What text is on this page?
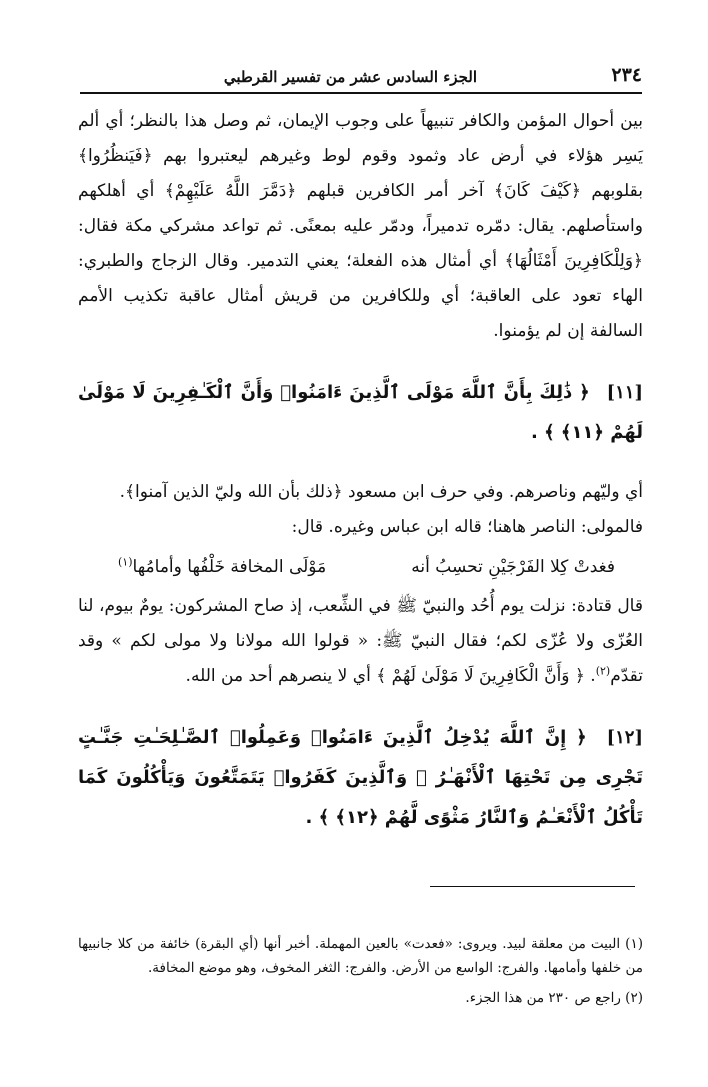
٢٣٤
الجزء السادس عشر من تفسير القرطبي

بين أحوال المؤمن والكافر تنبيهاً على وجوب الإيمان، ثم وصل هذا بالنظر؛ أي ألم يَسِر هؤلاء في أرض عاد وثمود وقوم لوط وغيرهم ليعتبروا بهم ﴿فَيَنظُرُوا﴾ بقلوبهم ﴿كَيْفَ كَانَ﴾ آخر أمر الكافرين قبلهم ﴿دَمَّرَ اللَّهُ عَلَيْهِمْ﴾ أي أهلكهم واستأصلهم. يقال: دمّره تدميراً، ودمّر عليه بمعنًى. ثم تواعد مشركي مكة فقال: ﴿وَلِلْكَافِرِينَ أَمْثَالُهَا﴾ أي أمثال هذه الفعلة؛ يعني التدمير. وقال الزجاج والطبري: الهاء تعود على العاقبة؛ أي وللكافرين من قريش أمثال عاقبة تكذيب الأمم السالفة إن لم يؤمنوا.

[١١] ﴿ ذَٰلِكَ بِأَنَّ ٱللَّهَ مَوْلَى ٱلَّذِينَ ءَامَنُوا۟ وَأَنَّ ٱلْكَـٰفِرِينَ لَا مَوْلَىٰ لَهُمْ ﴿١١﴾ ﴾ .

أي وليّهم وناصرهم. وفي حرف ابن مسعود ﴿ذلك بأن الله وليّ الذين آمنوا﴾.

فالمولى: الناصر هاهنا؛ قاله ابن عباس وغيره. قال:

فغدتْ كِلا الفَرْجَيْنِ تحسِبُ أنه
مَوْلَى المخافة خَلْفُها وأمامُها$^{(١)}$

قال قتادة: نزلت يوم أُحُد والنبيّ ﷺ في الشِّعب، إذ صاح المشركون: يومٌ بيوم، لنا العُزّى ولا عُزّى لكم؛ فقال النبيّ ﷺ: « قولوا الله مولانا ولا مولى لكم » وقد تقدّم$^{(٢)}$. ﴿ وَأَنَّ الْكَافِرِينَ لَا مَوْلَىٰ لَهُمْ ﴾ أي لا ينصرهم أحد من الله.

[١٢] ﴿ إِنَّ ٱللَّهَ يُدْخِلُ ٱلَّذِينَ ءَامَنُوا۟ وَعَمِلُوا۟ ٱلصَّـٰلِحَـٰتِ جَنَّـٰتٍ تَجْرِى مِن تَحْتِهَا ٱلْأَنْهَـٰرُ ۖ وَٱلَّذِينَ كَفَرُوا۟ يَتَمَتَّعُونَ وَيَأْكُلُونَ كَمَا تَأْكُلُ ٱلْأَنْعَـٰمُ وَٱلنَّارُ مَثْوًى لَّهُمْ ﴿١٢﴾ ﴾ .

(١) البيت من معلقة لبيد. ويروى: «فعدت» بالعين المهملة. أخبر أنها (أي البقرة) خائفة من كلا جانبيها من خلفها وأمامها. والفرج: الواسع من الأرض. والفرج: الثغر المخوف، وهو موضع المخافة.

(٢) راجع ص ٢٣٠ من هذا الجزء.
